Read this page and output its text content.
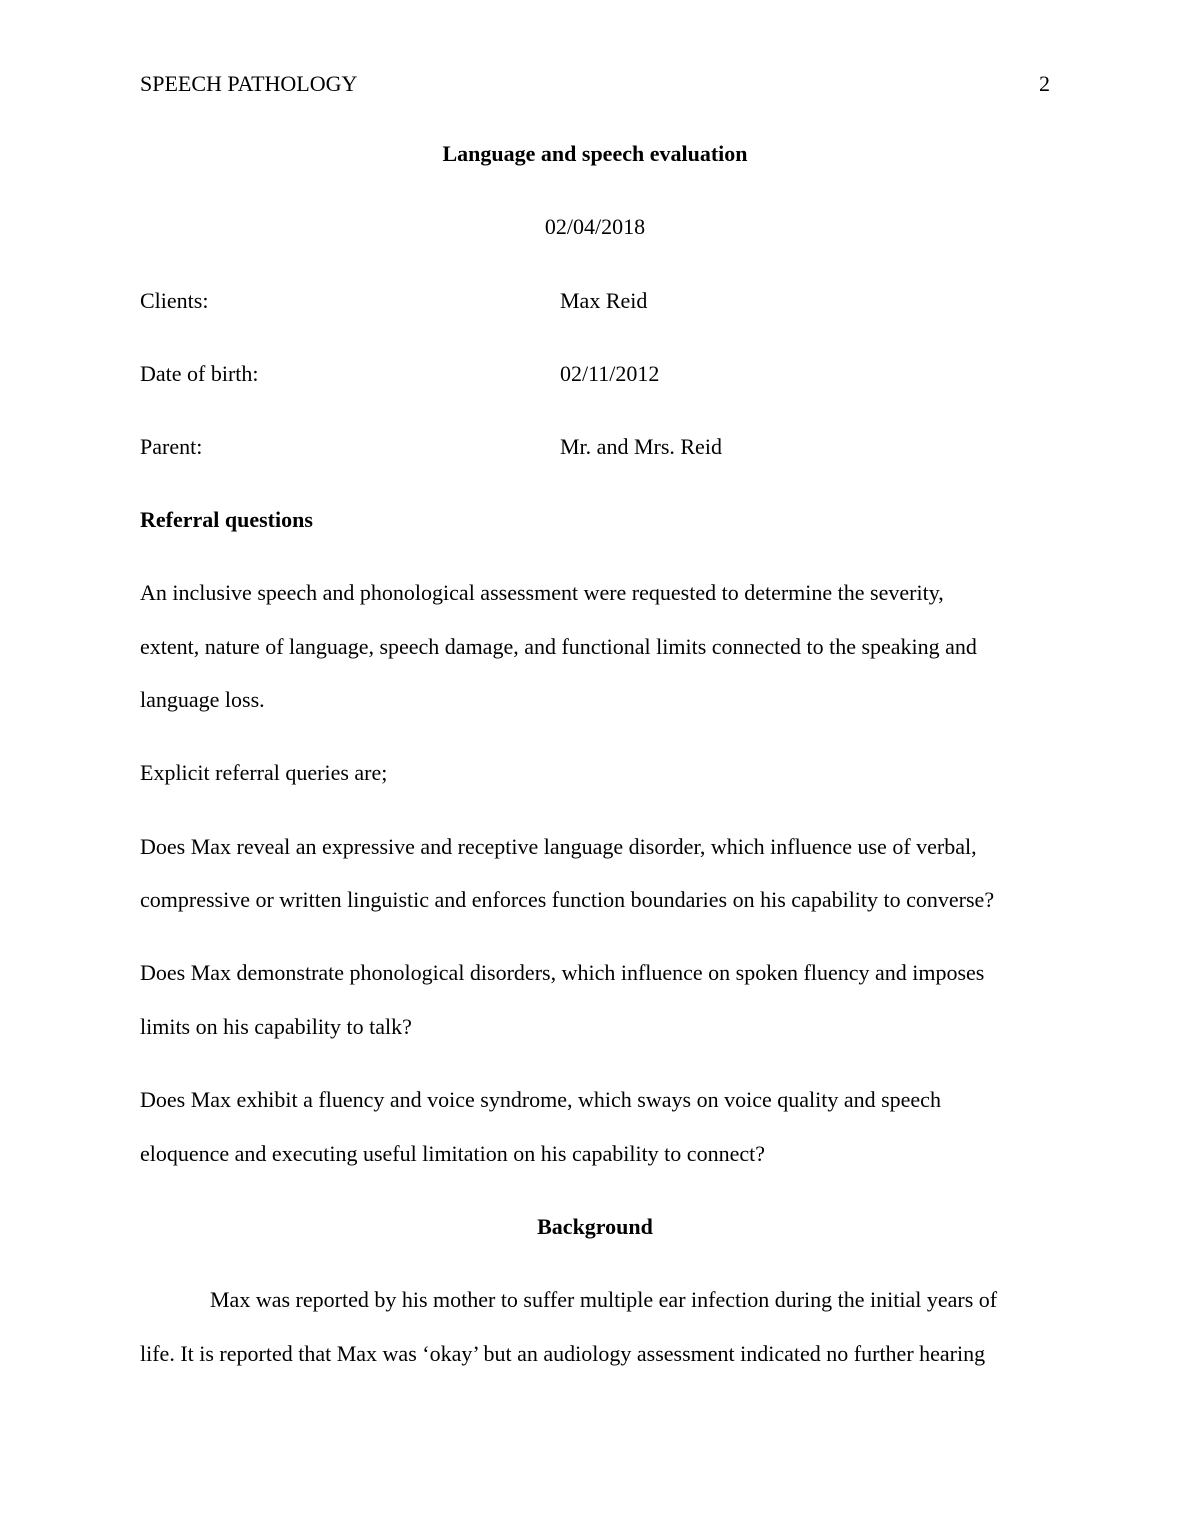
SPEECH PATHOLOGY	2
Language and speech evaluation
02/04/2018
Clients:	Max Reid
Date of birth:	02/11/2012
Parent:	Mr. and Mrs. Reid
Referral questions
An inclusive speech and phonological assessment were requested to determine the severity,
extent, nature of language, speech damage, and functional limits connected to the speaking and
language loss.
Explicit referral queries are;
Does Max reveal an expressive and receptive language disorder, which influence use of verbal,
compressive or written linguistic and enforces function boundaries on his capability to converse?
Does Max demonstrate phonological disorders, which influence on spoken fluency and imposes
limits on his capability to talk?
Does Max exhibit a fluency and voice syndrome, which sways on voice quality and speech
eloquence and executing useful limitation on his capability to connect?
Background
Max was reported by his mother to suffer multiple ear infection during the initial years of
life. It is reported that Max was ‘okay’ but an audiology assessment indicated no further hearing
